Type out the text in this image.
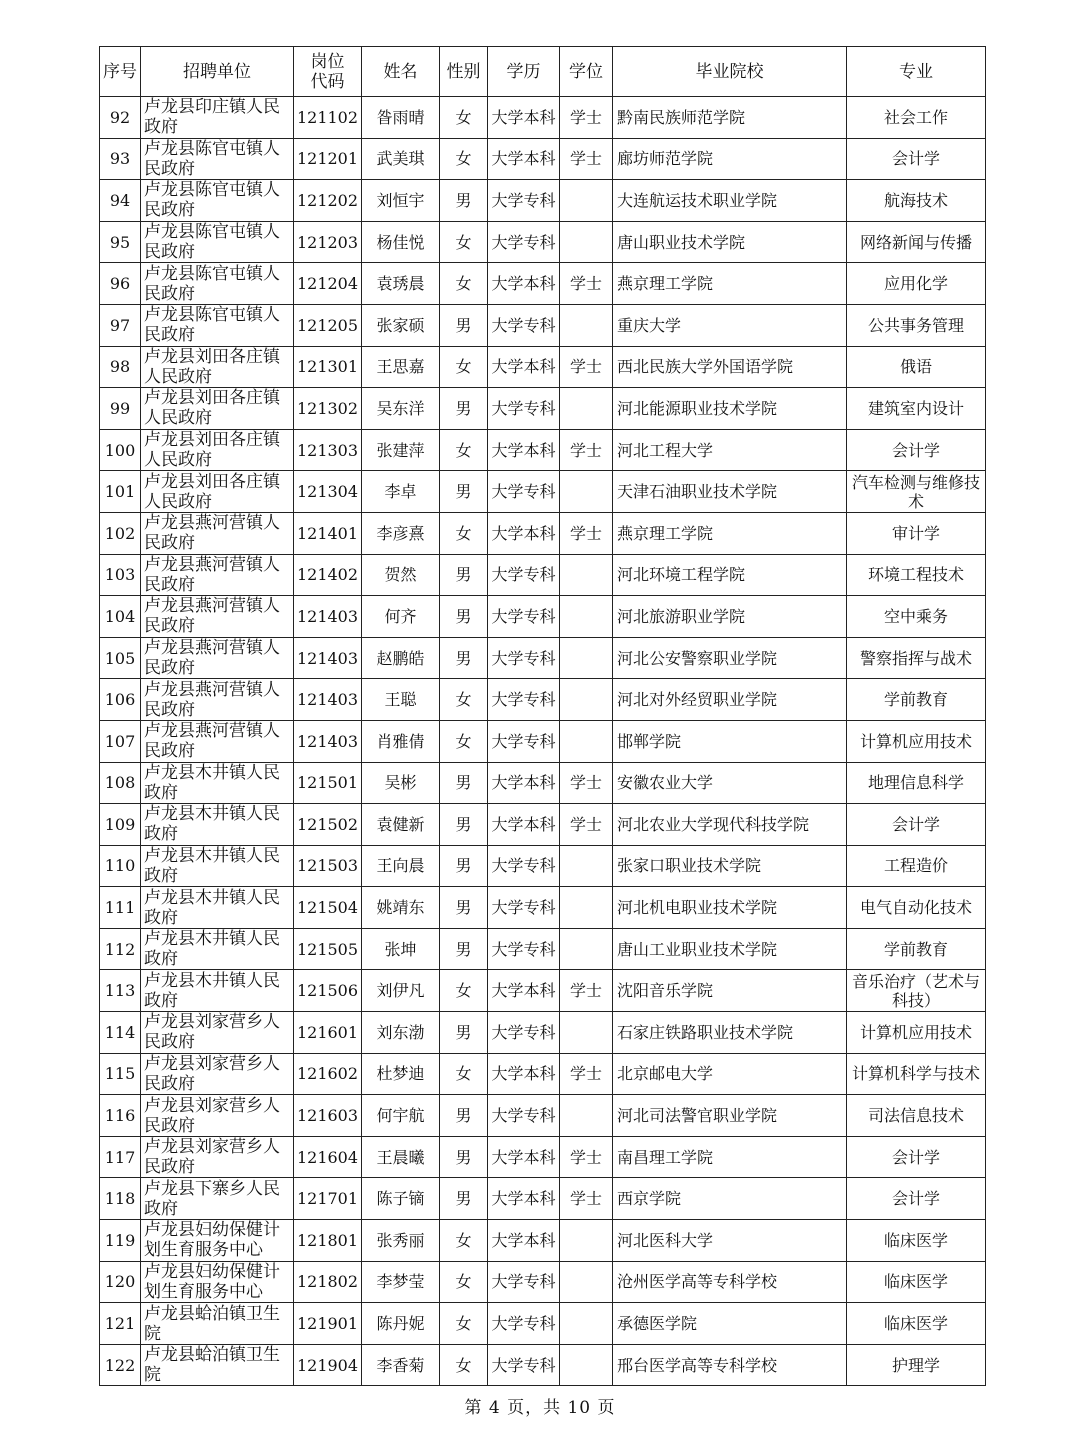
序号	招聘单位	岗位代码	姓名	性别	学历	学位	毕业院校	专业
92	卢龙县印庄镇人民政府	121102	昝雨晴	女	大学本科	学士	黔南民族师范学院	社会工作
93	卢龙县陈官屯镇人民政府	121201	武美琪	女	大学本科	学士	廊坊师范学院	会计学
94	卢龙县陈官屯镇人民政府	121202	刘恒宇	男	大学专科		大连航运技术职业学院	航海技术
95	卢龙县陈官屯镇人民政府	121203	杨佳悦	女	大学专科		唐山职业技术学院	网络新闻与传播
96	卢龙县陈官屯镇人民政府	121204	袁琇晨	女	大学本科	学士	燕京理工学院	应用化学
97	卢龙县陈官屯镇人民政府	121205	张家硕	男	大学专科		重庆大学	公共事务管理
98	卢龙县刘田各庄镇人民政府	121301	王思嘉	女	大学本科	学士	西北民族大学外国语学院	俄语
99	卢龙县刘田各庄镇人民政府	121302	吴东洋	男	大学专科		河北能源职业技术学院	建筑室内设计
100	卢龙县刘田各庄镇人民政府	121303	张建萍	女	大学本科	学士	河北工程大学	会计学
101	卢龙县刘田各庄镇人民政府	121304	李卓	男	大学专科		天津石油职业技术学院	汽车检测与维修技术
102	卢龙县燕河营镇人民政府	121401	李彦熹	女	大学本科	学士	燕京理工学院	审计学
103	卢龙县燕河营镇人民政府	121402	贺然	男	大学专科		河北环境工程学院	环境工程技术
104	卢龙县燕河营镇人民政府	121403	何齐	男	大学专科		河北旅游职业学院	空中乘务
105	卢龙县燕河营镇人民政府	121403	赵鹏皓	男	大学专科		河北公安警察职业学院	警察指挥与战术
106	卢龙县燕河营镇人民政府	121403	王聪	女	大学专科		河北对外经贸职业学院	学前教育
107	卢龙县燕河营镇人民政府	121403	肖雅倩	女	大学专科		邯郸学院	计算机应用技术
108	卢龙县木井镇人民政府	121501	吴彬	男	大学本科	学士	安徽农业大学	地理信息科学
109	卢龙县木井镇人民政府	121502	袁健新	男	大学本科	学士	河北农业大学现代科技学院	会计学
110	卢龙县木井镇人民政府	121503	王向晨	男	大学专科		张家口职业技术学院	工程造价
111	卢龙县木井镇人民政府	121504	姚靖东	男	大学专科		河北机电职业技术学院	电气自动化技术
112	卢龙县木井镇人民政府	121505	张坤	男	大学专科		唐山工业职业技术学院	学前教育
113	卢龙县木井镇人民政府	121506	刘伊凡	女	大学本科	学士	沈阳音乐学院	音乐治疗（艺术与科技）
114	卢龙县刘家营乡人民政府	121601	刘东渤	男	大学专科		石家庄铁路职业技术学院	计算机应用技术
115	卢龙县刘家营乡人民政府	121602	杜梦迪	女	大学本科	学士	北京邮电大学	计算机科学与技术
116	卢龙县刘家营乡人民政府	121603	何宇航	男	大学专科		河北司法警官职业学院	司法信息技术
117	卢龙县刘家营乡人民政府	121604	王晨曦	男	大学本科	学士	南昌理工学院	会计学
118	卢龙县下寨乡人民政府	121701	陈子镝	男	大学本科	学士	西京学院	会计学
119	卢龙县妇幼保健计划生育服务中心	121801	张秀丽	女	大学本科		河北医科大学	临床医学
120	卢龙县妇幼保健计划生育服务中心	121802	李梦莹	女	大学专科		沧州医学高等专科学校	临床医学
121	卢龙县蛤泊镇卫生院	121901	陈丹妮	女	大学专科		承德医学院	临床医学
122	卢龙县蛤泊镇卫生院	121904	李香菊	女	大学专科		邢台医学高等专科学校	护理学
第 4 页，共 10 页
